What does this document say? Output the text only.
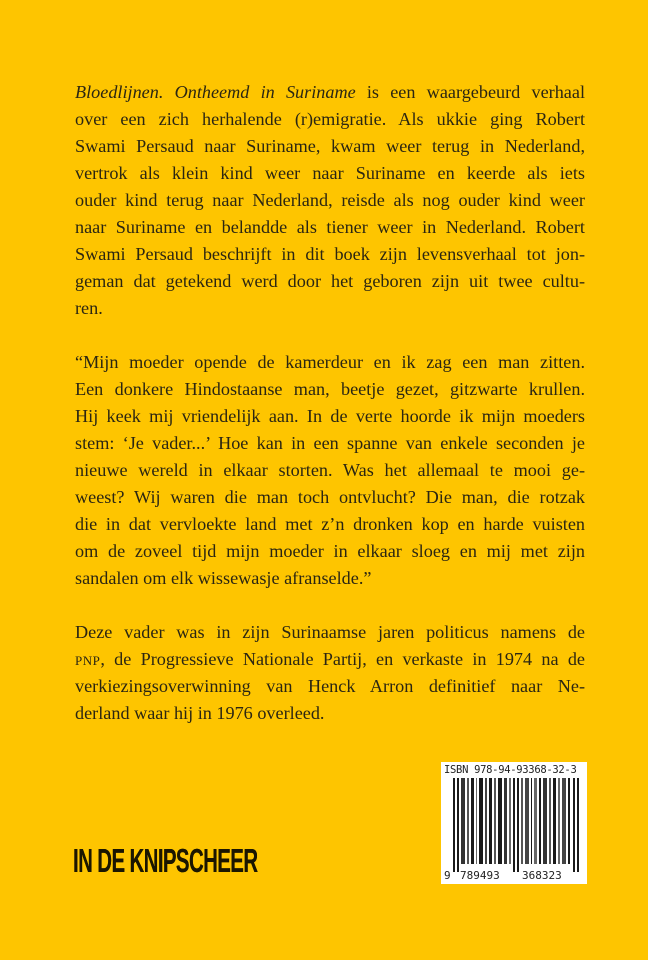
Bloedlijnen. Ontheemd in Suriname is een waargebeurd verhaal
over een zich herhalende (r)emigratie. Als ukkie ging Robert
Swami Persaud naar Suriname, kwam weer terug in Nederland,
vertrok als klein kind weer naar Suriname en keerde als iets
ouder kind terug naar Nederland, reisde als nog ouder kind weer
naar Suriname en belandde als tiener weer in Nederland. Robert
Swami Persaud beschrijft in dit boek zijn levensverhaal tot jon-
geman dat getekend werd door het geboren zijn uit twee cultu-
ren.

“Mijn moeder opende de kamerdeur en ik zag een man zitten.
Een donkere Hindostaanse man, beetje gezet, gitzwarte krullen.
Hij keek mij vriendelijk aan. In de verte hoorde ik mijn moeders
stem: ‘Je vader...’ Hoe kan in een spanne van enkele seconden je
nieuwe wereld in elkaar storten. Was het allemaal te mooi ge-
weest? Wij waren die man toch ontvlucht? Die man, die rotzak
die in dat vervloekte land met z’n dronken kop en harde vuisten
om de zoveel tijd mijn moeder in elkaar sloeg en mij met zijn
sandalen om elk wissewasje afranselde.”

Deze vader was in zijn Surinaamse jaren politicus namens de
pnp, de Progressieve Nationale Partij, en verkaste in 1974 na de
verkiezingsoverwinning van Henck Arron definitief naar Ne-
derland waar hij in 1976 overleed.

IN DE KNIPSCHEER
ISBN 978-94-93368-32-3
9 789493 368323
